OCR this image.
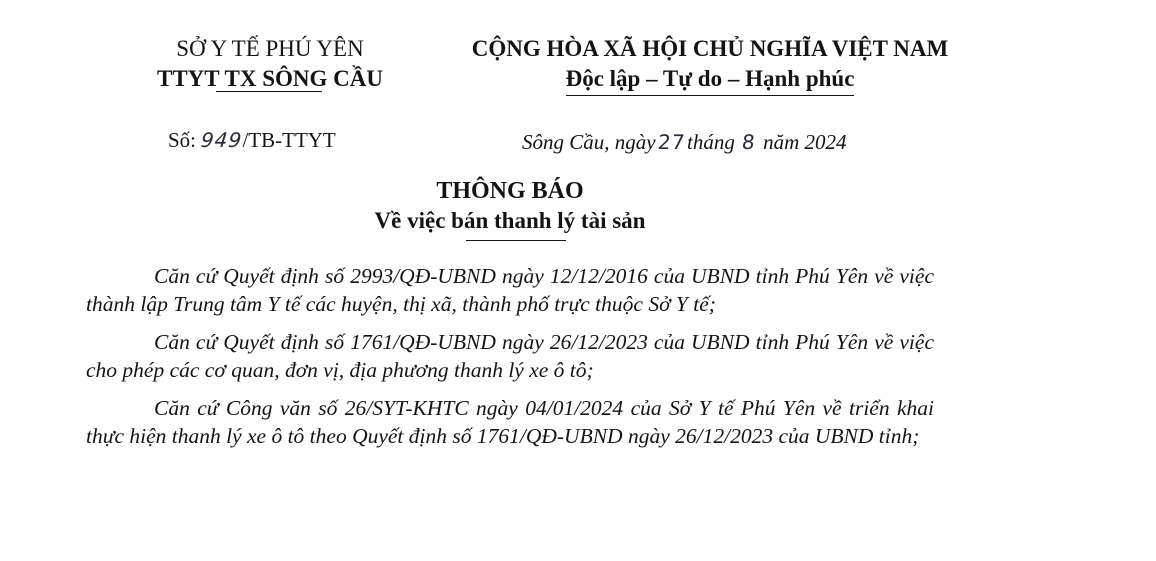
SỞ Y TẾ PHÚ YÊN
TTYT TX SÔNG CẦU
CỘNG HÒA XÃ HỘI CHỦ NGHĨA VIỆT NAM
Độc lập – Tự do – Hạnh phúc
Số: 949/TB-TTYT	Sông Cầu, ngày27tháng 8 năm 2024
THÔNG BÁO
Về việc bán thanh lý tài sản

Căn cứ Quyết định số 2993/QĐ-UBND ngày 12/12/2016 của UBND tỉnh Phú Yên về việc thành lập Trung tâm Y tế các huyện, thị xã, thành phố trực thuộc Sở Y tế;

Căn cứ Quyết định số 1761/QĐ-UBND ngày 26/12/2023 của UBND tỉnh Phú Yên về việc cho phép các cơ quan, đơn vị, địa phương thanh lý xe ô tô;

Căn cứ Công văn số 26/SYT-KHTC ngày 04/01/2024 của Sở Y tế Phú Yên về triển khai thực hiện thanh lý xe ô tô theo Quyết định số 1761/QĐ-UBND ngày 26/12/2023 của UBND tỉnh;
